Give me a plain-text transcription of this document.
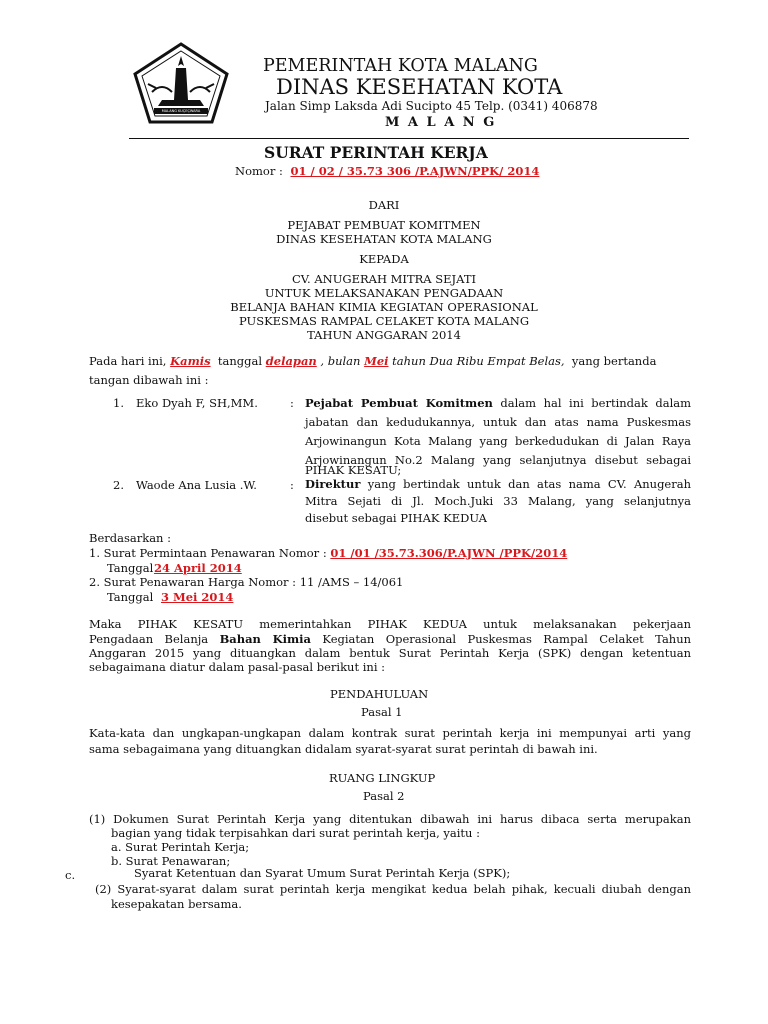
MALANG KUÇEÇWARA
PEMERINTAH KOTA MALANG
DINAS KESEHATAN KOTA
Jalan Simp Laksda Adi Sucipto 45 Telp. (0341) 406878
M A L A N G
SURAT PERINTAH KERJA
Nomor : 01 / 02 / 35.73 306 /P.AJWN/PPK/ 2014
DARI
PEJABAT PEMBUAT KOMITMEN
DINAS KESEHATAN KOTA MALANG
KEPADA
CV. ANUGERAH MITRA SEJATI
UNTUK MELAKSANAKAN PENGADAAN
BELANJA BAHAN KIMIA KEGIATAN OPERASIONAL
PUSKESMAS RAMPAL CELAKET KOTA MALANG
TAHUN ANGGARAN 2014
Pada hari ini, Kamis tanggal delapan , bulan Mei tahun Dua Ribu Empat Belas, yang bertanda
tangan dibawah ini :
1. Eko Dyah F, SH,MM.	: Pejabat Pembuat Komitmen dalam hal ini bertindak dalam
jabatan dan kedudukannya, untuk dan atas nama Puskesmas
Arjowinangun Kota Malang yang berkedudukan di Jalan Raya
Arjowinangun No.2 Malang yang selanjutnya disebut sebagai
PIHAK KESATU;
2. Waode Ana Lusia .W.	: Direktur yang bertindak untuk dan atas nama CV. Anugerah
Mitra Sejati di Jl. Moch.Juki 33 Malang, yang selanjutnya
disebut sebagai PIHAK KEDUA
Berdasarkan :
1. Surat Permintaan Penawaran Nomor : 01 /01 /35.73.306/P.AJWN /PPK/2014
Tanggal 24 April 2014
2. Surat Penawaran Harga Nomor : 11 /AMS – 14/061
Tanggal 3 Mei 2014
Maka PIHAK KESATU memerintahkan PIHAK KEDUA untuk melaksanakan pekerjaan
Pengadaan Belanja Bahan Kimia Kegiatan Operasional Puskesmas Rampal Celaket Tahun
Anggaran 2015 yang dituangkan dalam bentuk Surat Perintah Kerja (SPK) dengan ketentuan
sebagaimana diatur dalam pasal-pasal berikut ini :
PENDAHULUAN
Pasal 1
Kata-kata dan ungkapan-ungkapan dalam kontrak surat perintah kerja ini mempunyai arti yang
sama sebagaimana yang dituangkan didalam syarat-syarat surat perintah di bawah ini.
RUANG LINGKUP
Pasal 2
(1) Dokumen Surat Perintah Kerja yang ditentukan dibawah ini harus dibaca serta merupakan
bagian yang tidak terpisahkan dari surat perintah kerja, yaitu :
a. Surat Perintah Kerja;
b. Surat Penawaran;
c.	Syarat Ketentuan dan Syarat Umum Surat Perintah Kerja (SPK);
(2) Syarat-syarat dalam surat perintah kerja mengikat kedua belah pihak, kecuali diubah dengan
kesepakatan bersama.
